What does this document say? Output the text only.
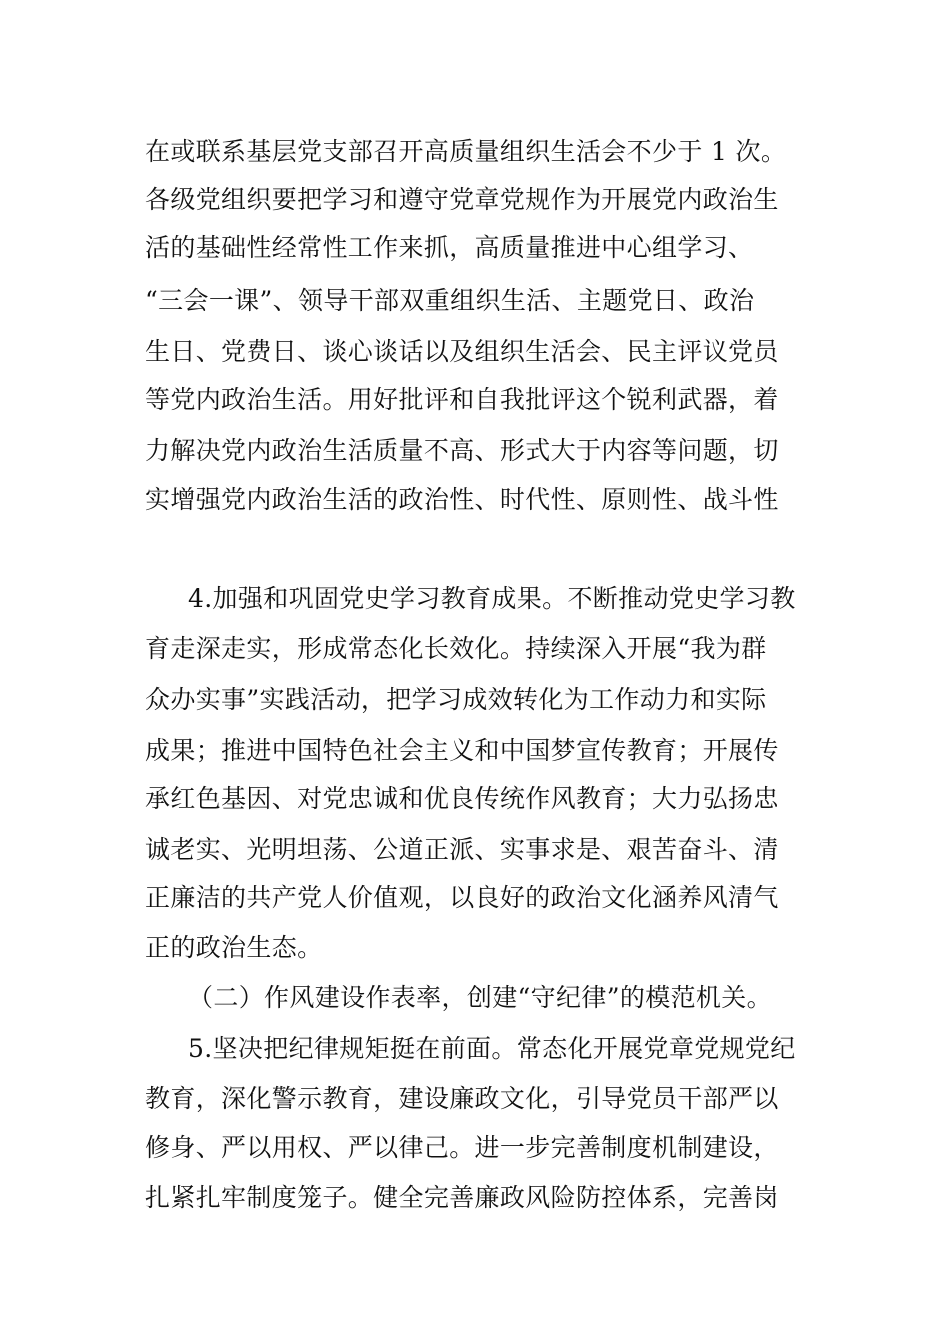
在或联系基层党支部召开高质量组织生活会不少于 1 次。
各级党组织要把学习和遵守党章党规作为开展党内政治生
活的基础性经常性工作来抓，高质量推进中心组学习、
“三会一课”、领导干部双重组织生活、主题党日、政治
生日、党费日、谈心谈话以及组织生活会、民主评议党员
等党内政治生活。用好批评和自我批评这个锐利武器，着
力解决党内政治生活质量不高、形式大于内容等问题，切
实增强党内政治生活的政治性、时代性、原则性、战斗性
4.加强和巩固党史学习教育成果。不断推动党史学习教
育走深走实，形成常态化长效化。持续深入开展“我为群
众办实事”实践活动，把学习成效转化为工作动力和实际
成果；推进中国特色社会主义和中国梦宣传教育；开展传
承红色基因、对党忠诚和优良传统作风教育；大力弘扬忠
诚老实、光明坦荡、公道正派、实事求是、艰苦奋斗、清
正廉洁的共产党人价值观，以良好的政治文化涵养风清气
正的政治生态。
（二）作风建设作表率，创建“守纪律”的模范机关。
5.坚决把纪律规矩挺在前面。常态化开展党章党规党纪
教育，深化警示教育，建设廉政文化，引导党员干部严以
修身、严以用权、严以律己。进一步完善制度机制建设，
扎紧扎牢制度笼子。健全完善廉政风险防控体系，完善岗
